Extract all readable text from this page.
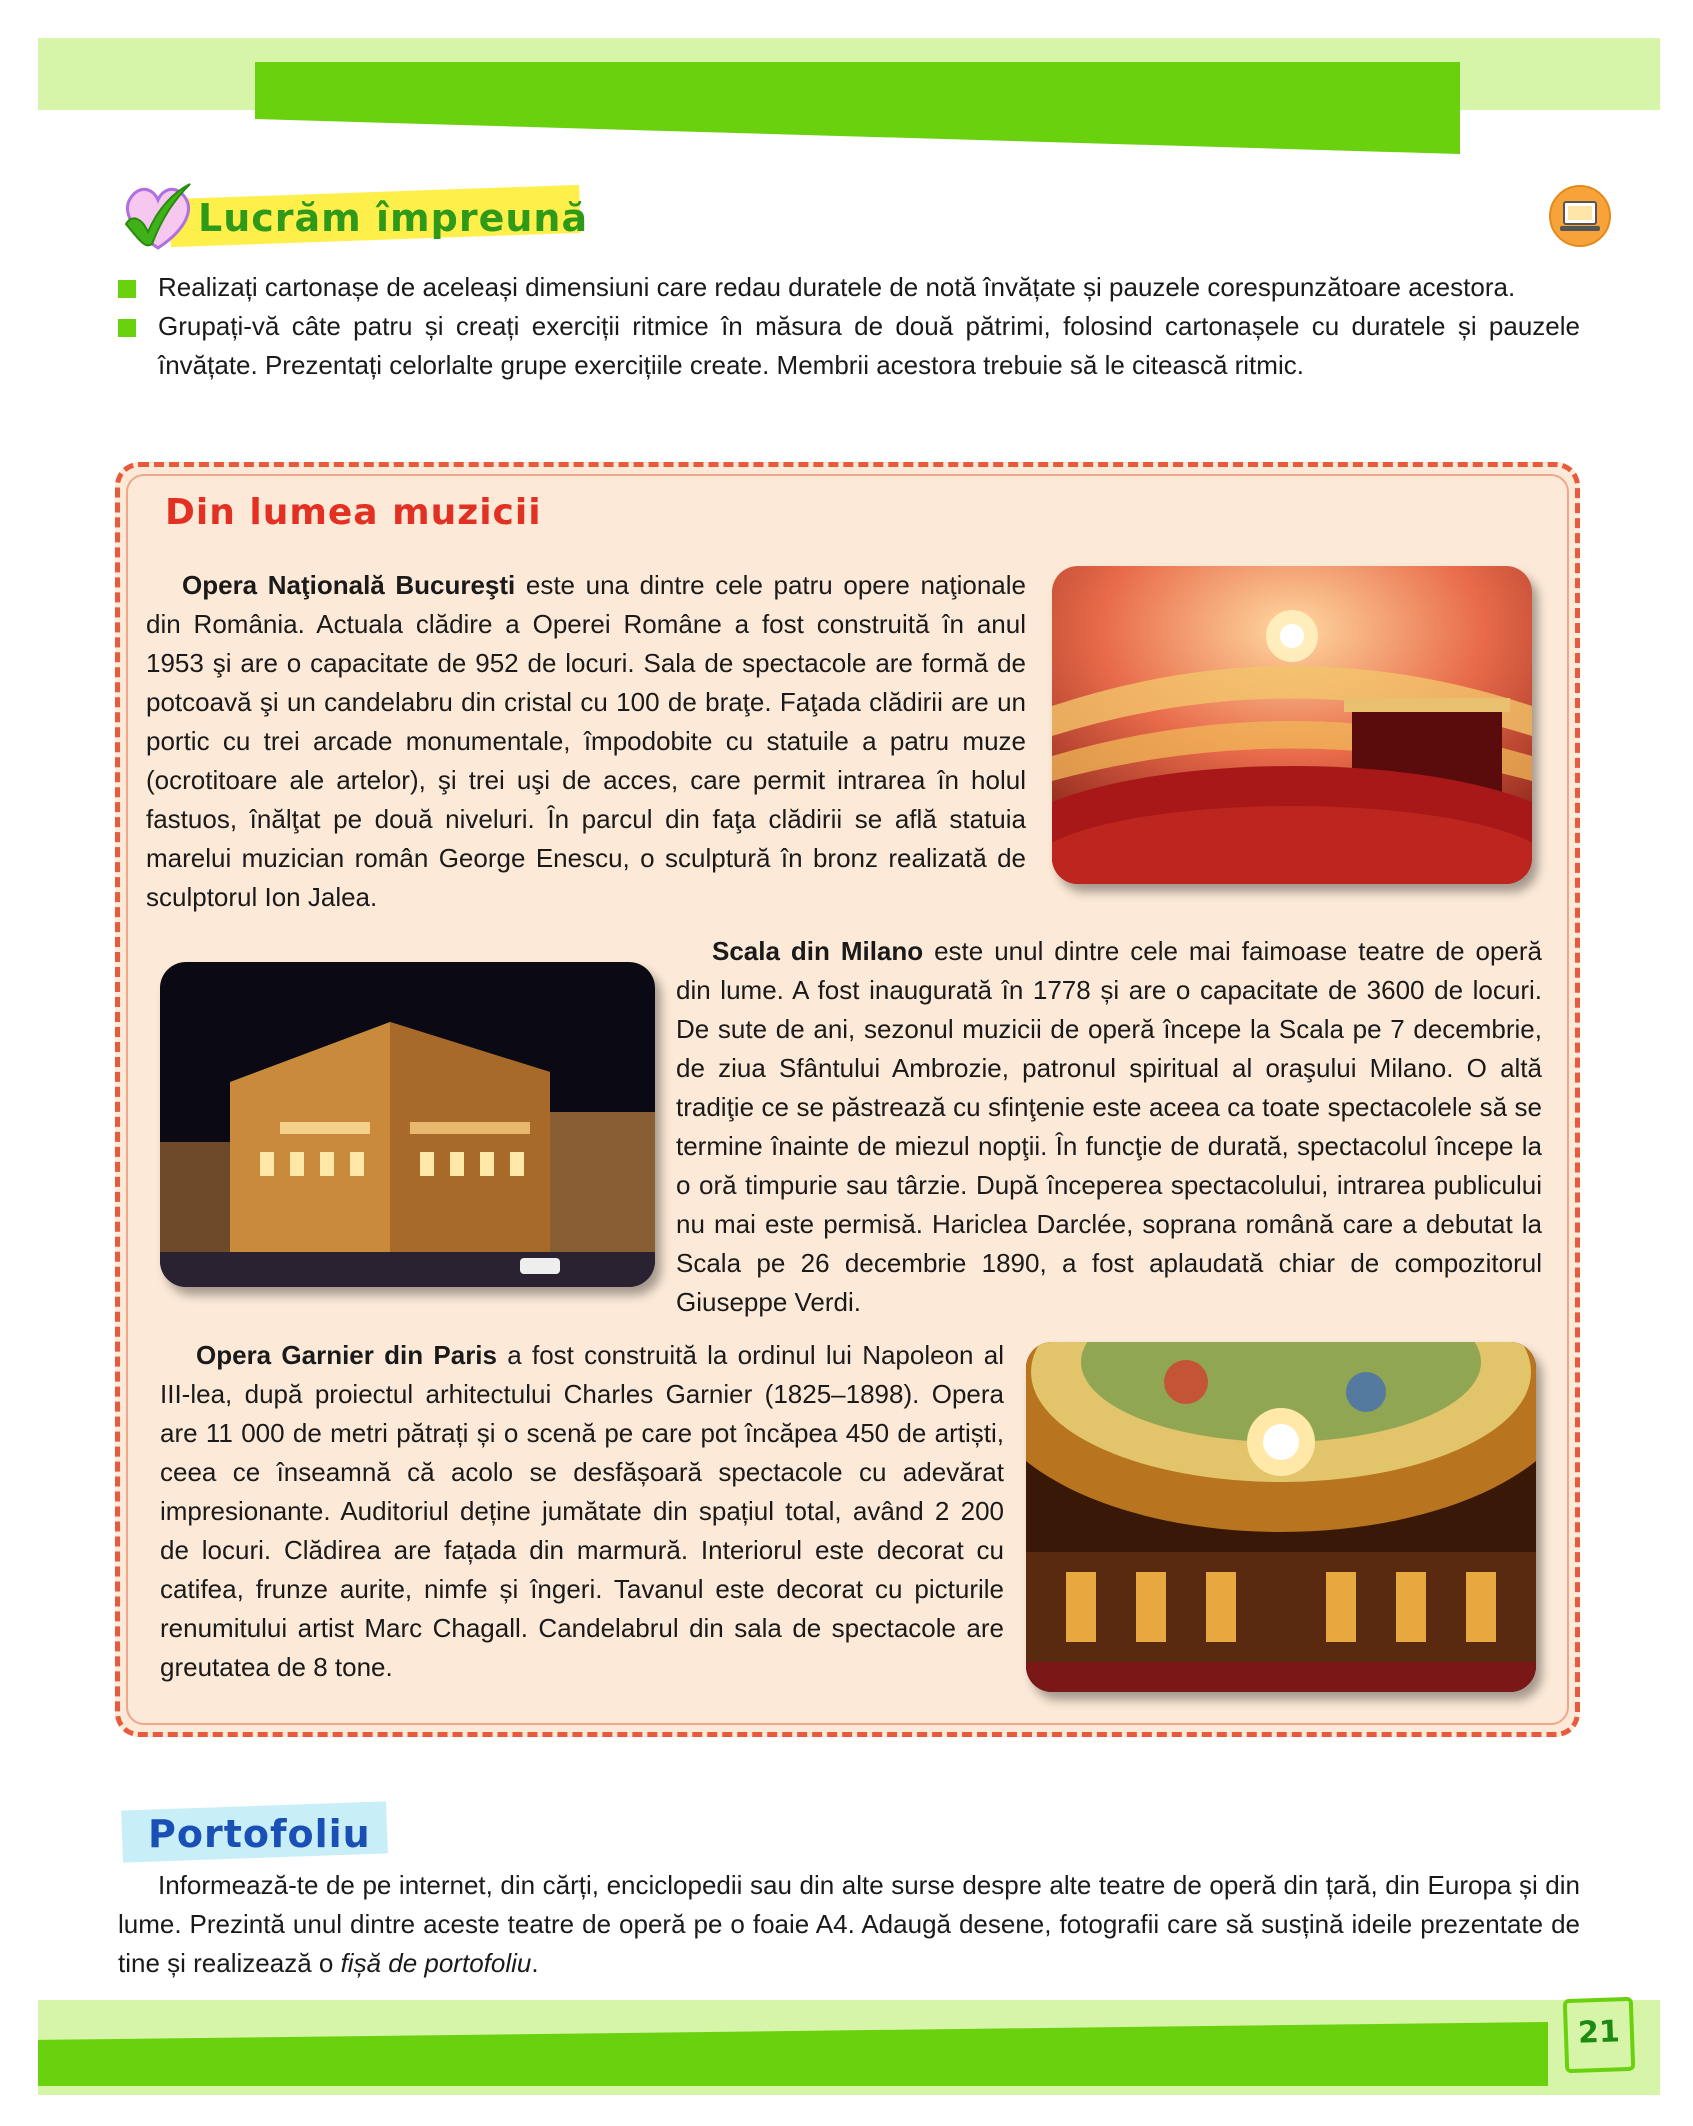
Lucrăm împreună
Realizați cartonașe de aceleași dimensiuni care redau duratele de notă învățate și pauzele corespunzătoare acestora.
Grupați-vă câte patru și creați exerciții ritmice în măsura de două pătrimi, folosind cartonașele cu duratele și pauzele învățate. Prezentați celorlalte grupe exercițiile create. Membrii acestora trebuie să le citească ritmic.
Din lumea muzicii
Opera Naţională Bucureşti este una dintre cele patru opere naţionale din România. Actuala clădire a Operei Române a fost construită în anul 1953 şi are o capacitate de 952 de locuri. Sala de spectacole are formă de potcoavă şi un candelabru din cristal cu 100 de braţe. Faţada clădirii are un portic cu trei arcade monumentale, împodobite cu statuile a patru muze (ocrotitoare ale artelor), şi trei uşi de acces, care permit intrarea în holul fastuos, înălţat pe două niveluri. În parcul din faţa clădirii se află statuia marelui muzician român George Enescu, o sculptură în bronz realizată de sculptorul Ion Jalea.
Scala din Milano este unul dintre cele mai faimoase teatre de operă din lume. A fost inaugurată în 1778 și are o capacitate de 3600 de locuri. De sute de ani, sezonul muzicii de operă începe la Scala pe 7 decembrie, de ziua Sfântului Ambrozie, patronul spiritual al oraşului Milano. O altă tradiţie ce se păstrează cu sfinţenie este aceea ca toate spectacolele să se termine înainte de miezul nopţii. În funcţie de durată, spectacolul începe la o oră timpurie sau târzie. După începerea spectacolului, intrarea publicului nu mai este permisă. Hariclea Darclée, soprana română care a debutat la Scala pe 26 decembrie 1890, a fost aplaudată chiar de compozitorul Giuseppe Verdi.
Opera Garnier din Paris a fost construită la ordinul lui Napoleon al III-lea, după proiectul arhitectului Charles Garnier (1825–1898). Opera are 11 000 de metri pătrați și o scenă pe care pot încăpea 450 de artiști, ceea ce înseamnă că acolo se desfășoară spectacole cu adevărat impresionante. Auditoriul deține jumătate din spațiul total, având 2 200 de locuri. Clădirea are fațada din marmură. Interiorul este decorat cu catifea, frunze aurite, nimfe și îngeri. Tavanul este decorat cu picturile renumitului artist Marc Chagall. Candelabrul din sala de spectacole are greutatea de 8 tone.
Portofoliu
Informează-te de pe internet, din cărți, enciclopedii sau din alte surse despre alte teatre de operă din țară, din Europa și din lume. Prezintă unul dintre aceste teatre de operă pe o foaie A4. Adaugă desene, fotografii care să susțină ideile prezentate de tine și realizează o fișă de portofoliu.
21
